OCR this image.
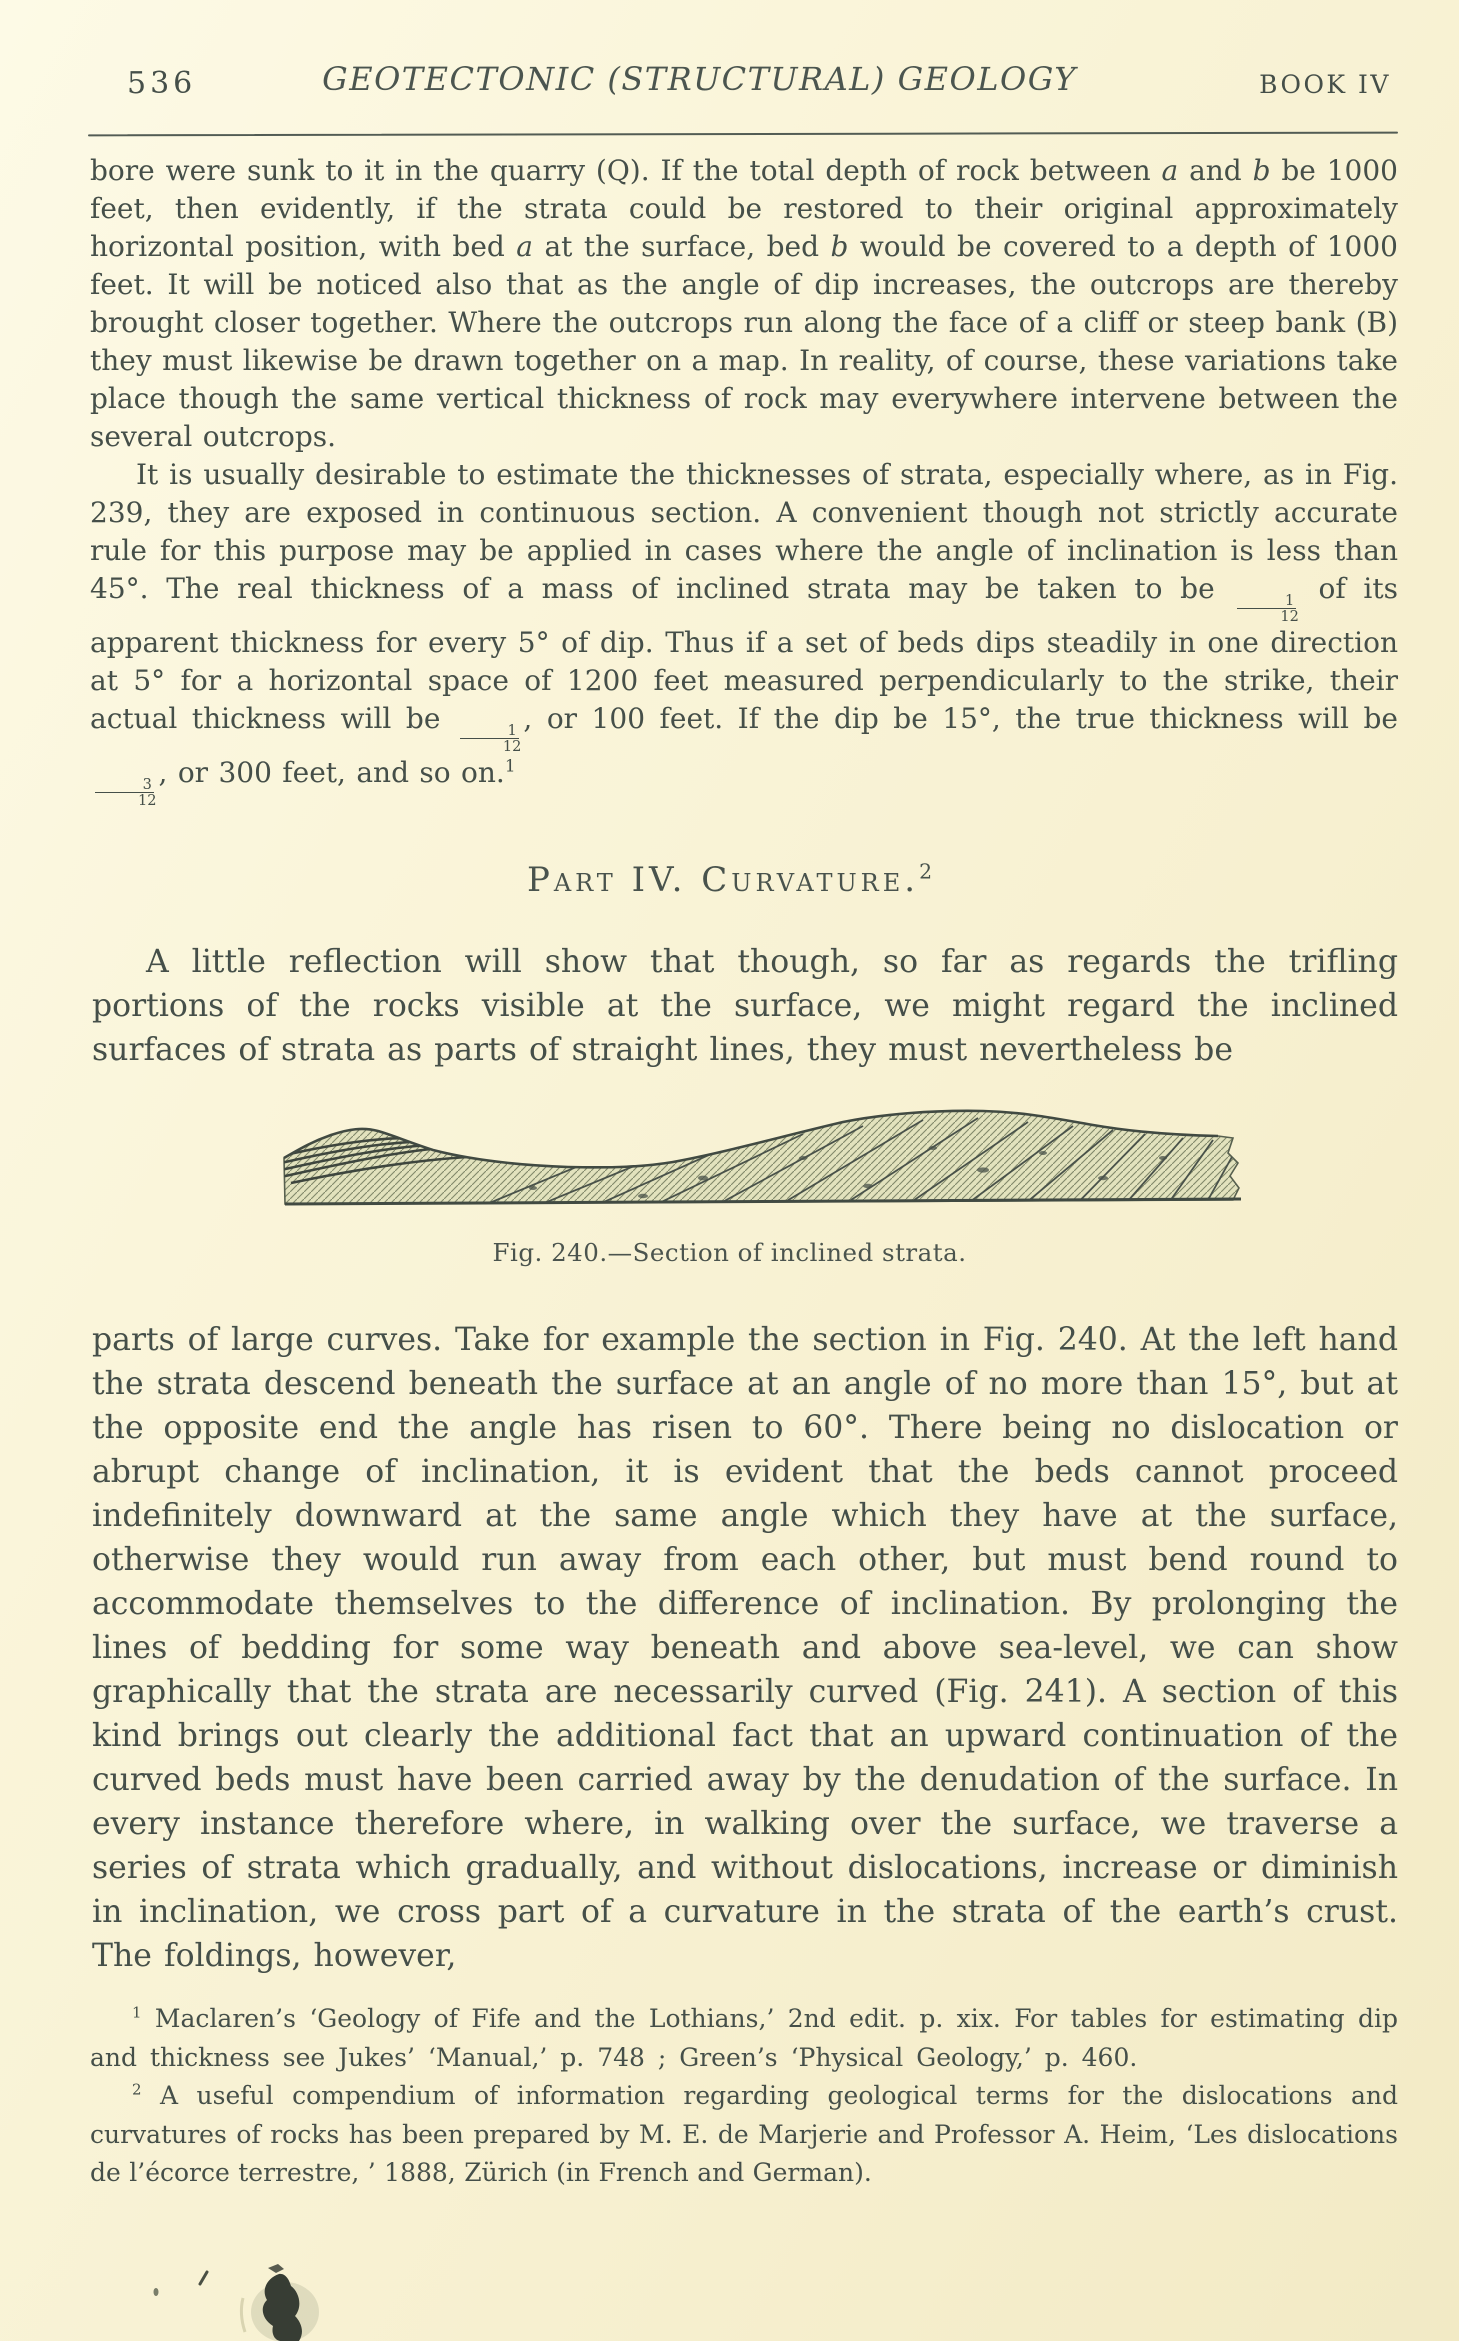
536	GEOTECTONIC (STRUCTURAL) GEOLOGY	BOOK IV
bore were sunk to it in the quarry (Q). If the total depth of rock between a and b be 1000 feet, then evidently, if the strata could be restored to their original approximately horizontal position, with bed a at the surface, bed b would be covered to a depth of 1000 feet. It will be noticed also that as the angle of dip increases, the outcrops are thereby brought closer together. Where the outcrops run along the face of a cliff or steep bank (B) they must likewise be drawn together on a map. In reality, of course, these variations take place though the same vertical thickness of rock may everywhere intervene between the several outcrops.
It is usually desirable to estimate the thicknesses of strata, especially where, as in Fig. 239, they are exposed in continuous section. A convenient though not strictly accurate rule for this purpose may be applied in cases where the angle of inclination is less than 45°. The real thickness of a mass of inclined strata may be taken to be
$\frac{1}{12}$
of its apparent thickness for every 5° of dip. Thus if a set of beds dips steadily in one direction at 5° for a horizontal space of 1200 feet measured perpendicularly to the strike, their actual thickness will be
$\frac{1}{12}$
, or 100 feet. If the dip be 15°, the true thickness will be
$\frac{3}{12}$
, or 300 feet, and so on.$^1$
Part IV. Curvature.$^2$
A little reflection will show that though, so far as regards the trifling portions of the rocks visible at the surface, we might regard the inclined surfaces of strata as parts of straight lines, they must nevertheless be
Fig. 240.—Section of inclined strata.
parts of large curves. Take for example the section in Fig. 240. At the left hand the strata descend beneath the surface at an angle of no more than 15°, but at the opposite end the angle has risen to 60°. There being no dislocation or abrupt change of inclination, it is evident that the beds cannot proceed indefinitely downward at the same angle which they have at the surface, otherwise they would run away from each other, but must bend round to accommodate themselves to the difference of inclination. By prolonging the lines of bedding for some way beneath and above sea-level, we can show graphically that the strata are necessarily curved (Fig. 241). A section of this kind brings out clearly the additional fact that an upward continuation of the curved beds must have been carried away by the denudation of the surface. In every instance therefore where, in walking over the surface, we traverse a series of strata which gradually, and without dislocations, increase or diminish in inclination, we cross part of a curvature in the strata of the earth’s crust. The foldings, however,
$^1$ Maclaren’s ‘Geology of Fife and the Lothians,’ 2nd edit. p. xix. For tables for estimating dip and thickness see Jukes’ ‘Manual,’ p. 748 ; Green’s ‘Physical Geology,’ p. 460.
$^2$ A useful compendium of information regarding geological terms for the dislocations and curvatures of rocks has been prepared by M. E. de Marjerie and Professor A. Heim, ‘Les dislocations de l’écorce terrestre, ’ 1888, Zürich (in French and German).
